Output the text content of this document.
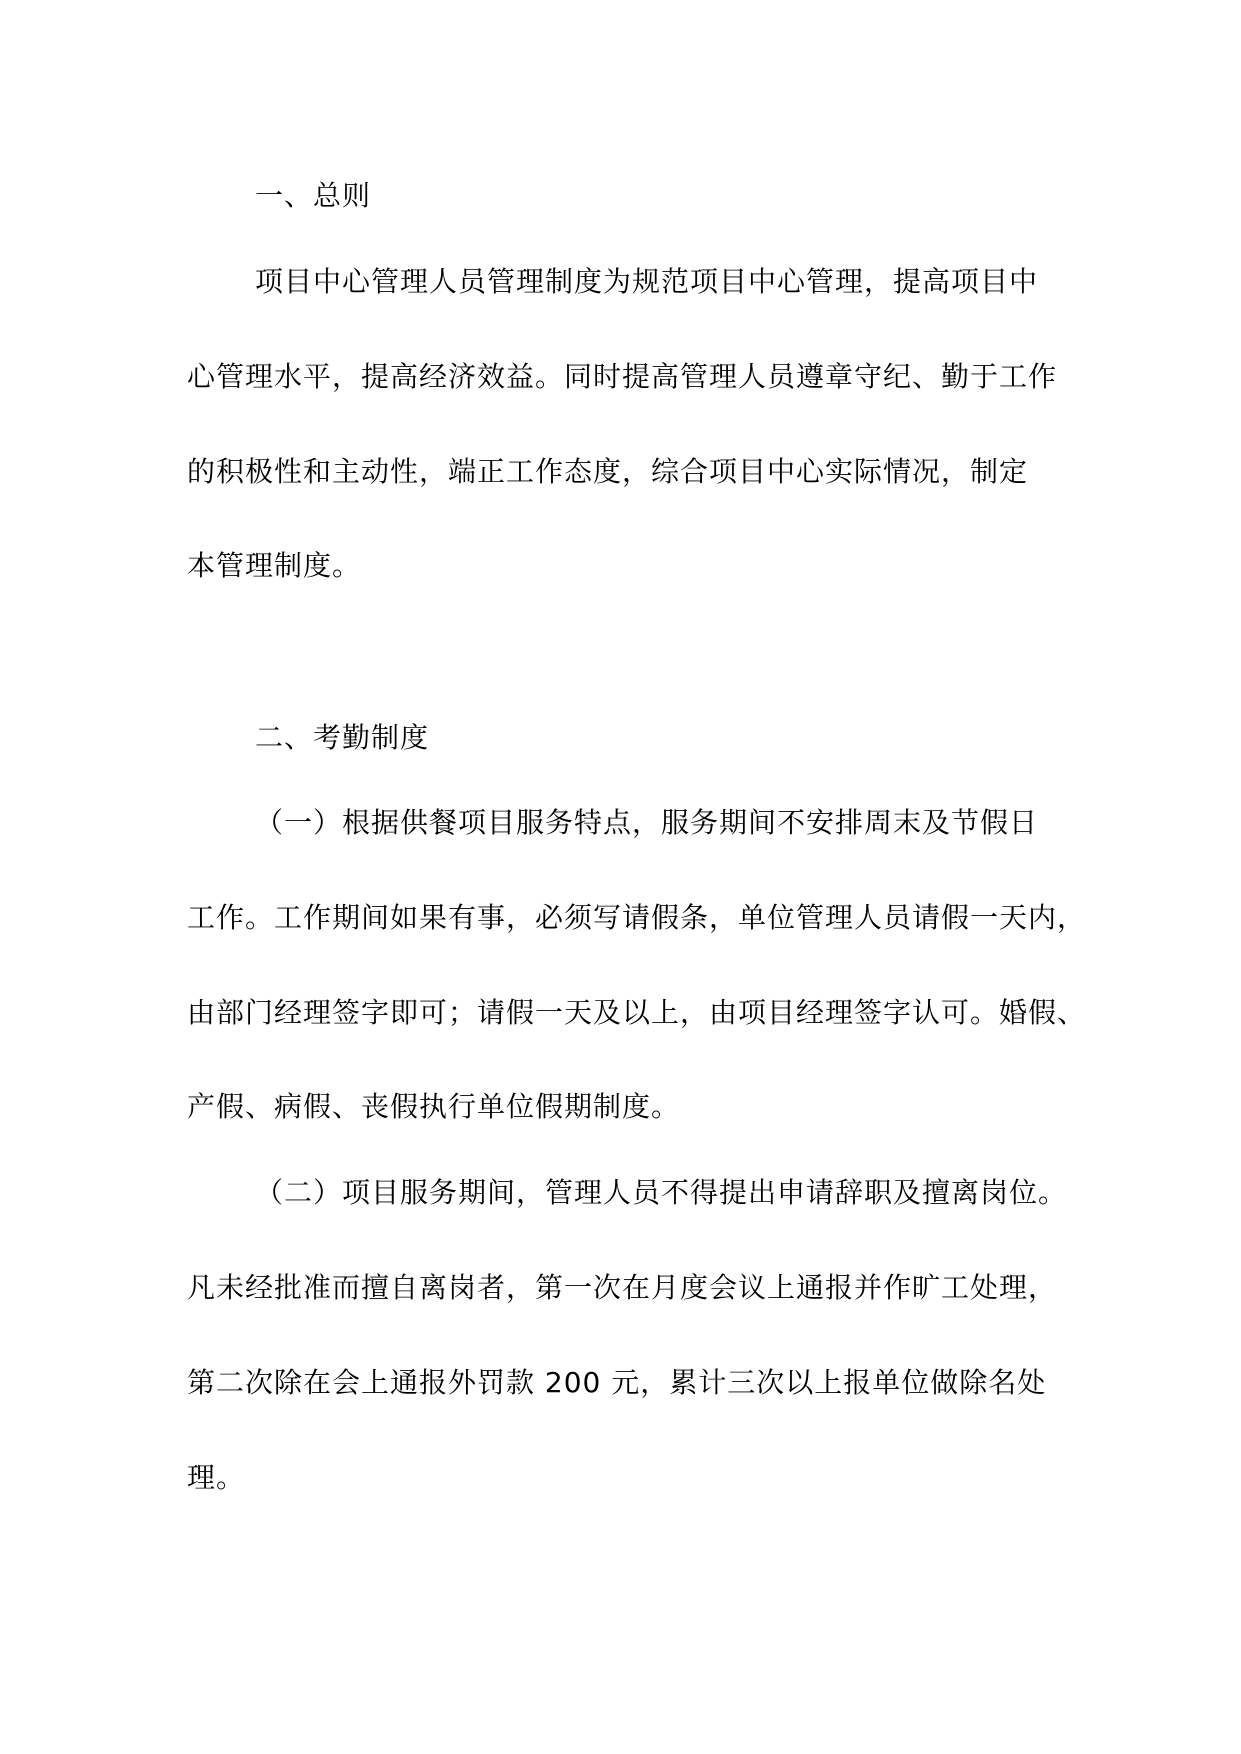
一、总则
项目中心管理人员管理制度为规范项目中心管理，提高项目中
心管理水平，提高经济效益。同时提高管理人员遵章守纪、勤于工作
的积极性和主动性，端正工作态度，综合项目中心实际情况，制定
本管理制度。
二、考勤制度
（一）根据供餐项目服务特点，服务期间不安排周末及节假日
工作。工作期间如果有事，必须写请假条，单位管理人员请假一天内，
由部门经理签字即可；请假一天及以上，由项目经理签字认可。婚假、
产假、病假、丧假执行单位假期制度。
（二）项目服务期间，管理人员不得提出申请辞职及擅离岗位。
凡未经批准而擅自离岗者，第一次在月度会议上通报并作旷工处理，
第二次除在会上通报外罚款 200 元，累计三次以上报单位做除名处
理。
